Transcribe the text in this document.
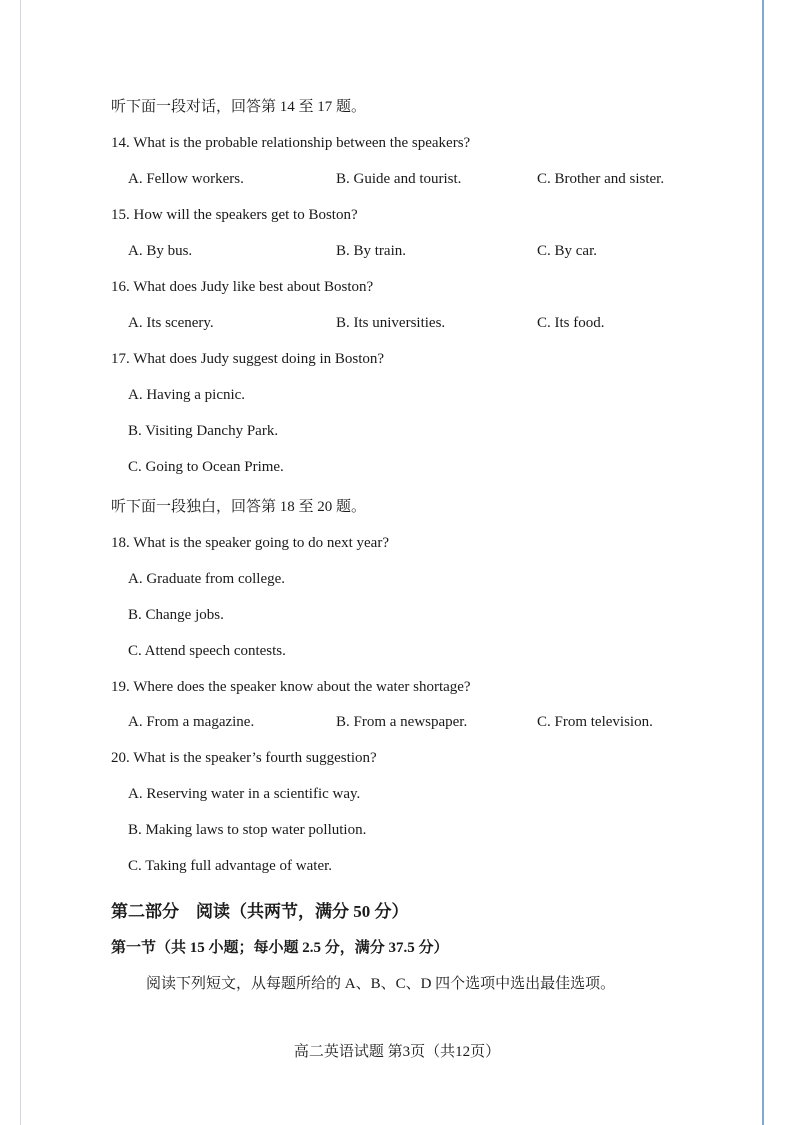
听下面一段对话，回答第 14 至 17 题。
14. What is the probable relationship between the speakers?
A. Fellow workers.	B. Guide and tourist.	C. Brother and sister.
15. How will the speakers get to Boston?
A. By bus.	B. By train.	C. By car.
16. What does Judy like best about Boston?
A. Its scenery.	B. Its universities.	C. Its food.
17. What does Judy suggest doing in Boston?
A. Having a picnic.
B. Visiting Danchy Park.
C. Going to Ocean Prime.
听下面一段独白，回答第 18 至 20 题。
18. What is the speaker going to do next year?
A. Graduate from college.
B. Change jobs.
C. Attend speech contests.
19. Where does the speaker know about the water shortage?
A. From a magazine.	B. From a newspaper.	C. From television.
20. What is the speaker’s fourth suggestion?
A. Reserving water in a scientific way.
B. Making laws to stop water pollution.
C. Taking full advantage of water.
第二部分　阅读（共两节，满分 50 分）
第一节（共 15 小题；每小题 2.5 分，满分 37.5 分）
阅读下列短文，从每题所给的 A、B、C、D 四个选项中选出最佳选项。
高二英语试题 第3页（共12页）
